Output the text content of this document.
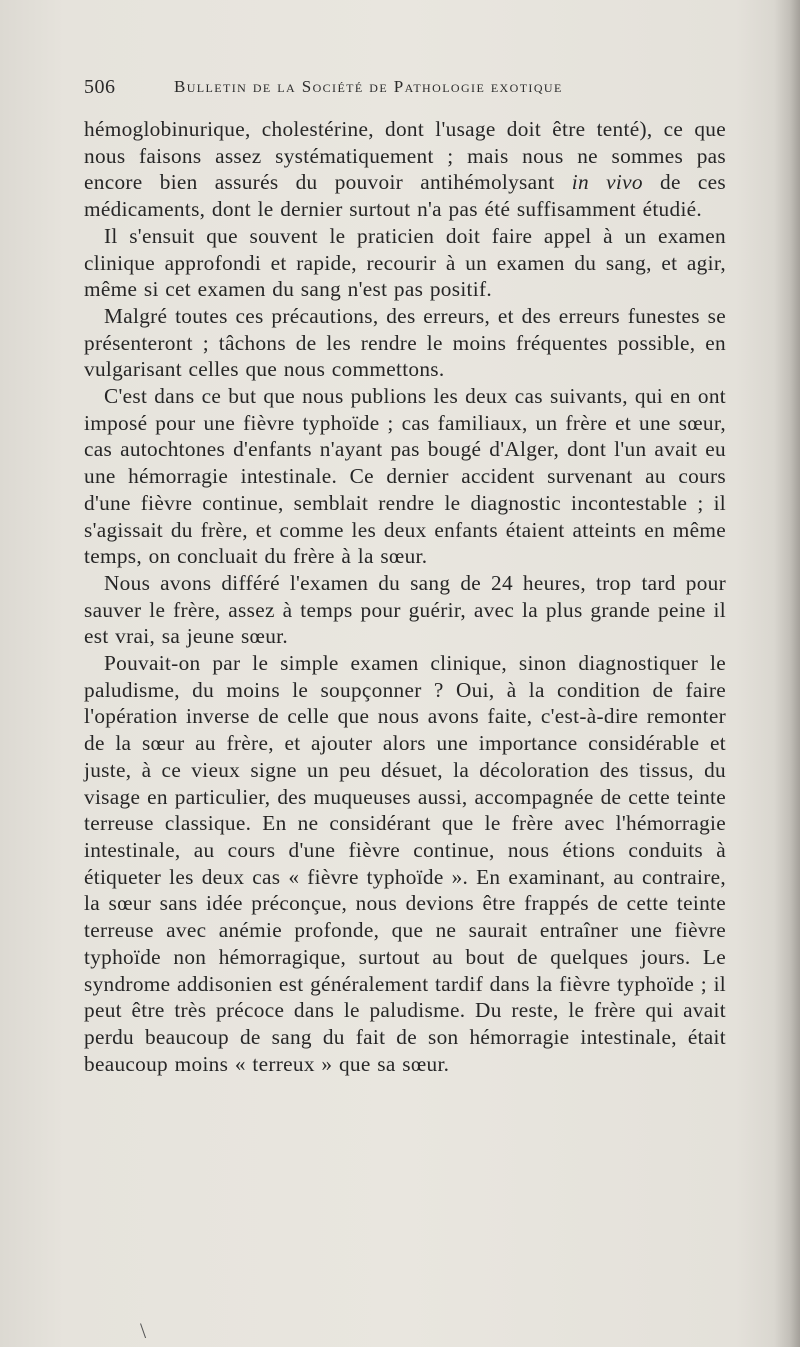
506	Bulletin de la Société de Pathologie exotique

hémoglobinurique, cholestérine, dont l'usage doit être tenté), ce que nous faisons assez systématiquement ; mais nous ne sommes pas encore bien assurés du pouvoir antihémolysant in vivo de ces médicaments, dont le dernier surtout n'a pas été suffisamment étudié.

Il s'ensuit que souvent le praticien doit faire appel à un examen clinique approfondi et rapide, recourir à un examen du sang, et agir, même si cet examen du sang n'est pas positif.

Malgré toutes ces précautions, des erreurs, et des erreurs funestes se présenteront ; tâchons de les rendre le moins fréquentes possible, en vulgarisant celles que nous commettons.

C'est dans ce but que nous publions les deux cas suivants, qui en ont imposé pour une fièvre typhoïde ; cas familiaux, un frère et une sœur, cas autochtones d'enfants n'ayant pas bougé d'Alger, dont l'un avait eu une hémorragie intestinale. Ce dernier accident survenant au cours d'une fièvre continue, semblait rendre le diagnostic incontestable ; il s'agissait du frère, et comme les deux enfants étaient atteints en même temps, on concluait du frère à la sœur.

Nous avons différé l'examen du sang de 24 heures, trop tard pour sauver le frère, assez à temps pour guérir, avec la plus grande peine il est vrai, sa jeune sœur.

Pouvait-on par le simple examen clinique, sinon diagnostiquer le paludisme, du moins le soupçonner ? Oui, à la condition de faire l'opération inverse de celle que nous avons faite, c'est-à-dire remonter de la sœur au frère, et ajouter alors une importance considérable et juste, à ce vieux signe un peu désuet, la décoloration des tissus, du visage en particulier, des muqueuses aussi, accompagnée de cette teinte terreuse classique. En ne considérant que le frère avec l'hémorragie intestinale, au cours d'une fièvre continue, nous étions conduits à étiqueter les deux cas « fièvre typhoïde ». En examinant, au contraire, la sœur sans idée préconçue, nous devions être frappés de cette teinte terreuse avec anémie profonde, que ne saurait entraîner une fièvre typhoïde non hémorragique, surtout au bout de quelques jours. Le syndrome addisonien est généralement tardif dans la fièvre typhoïde ; il peut être très précoce dans le paludisme. Du reste, le frère qui avait perdu beaucoup de sang du fait de son hémorragie intestinale, était beaucoup moins « terreux » que sa sœur.

\
